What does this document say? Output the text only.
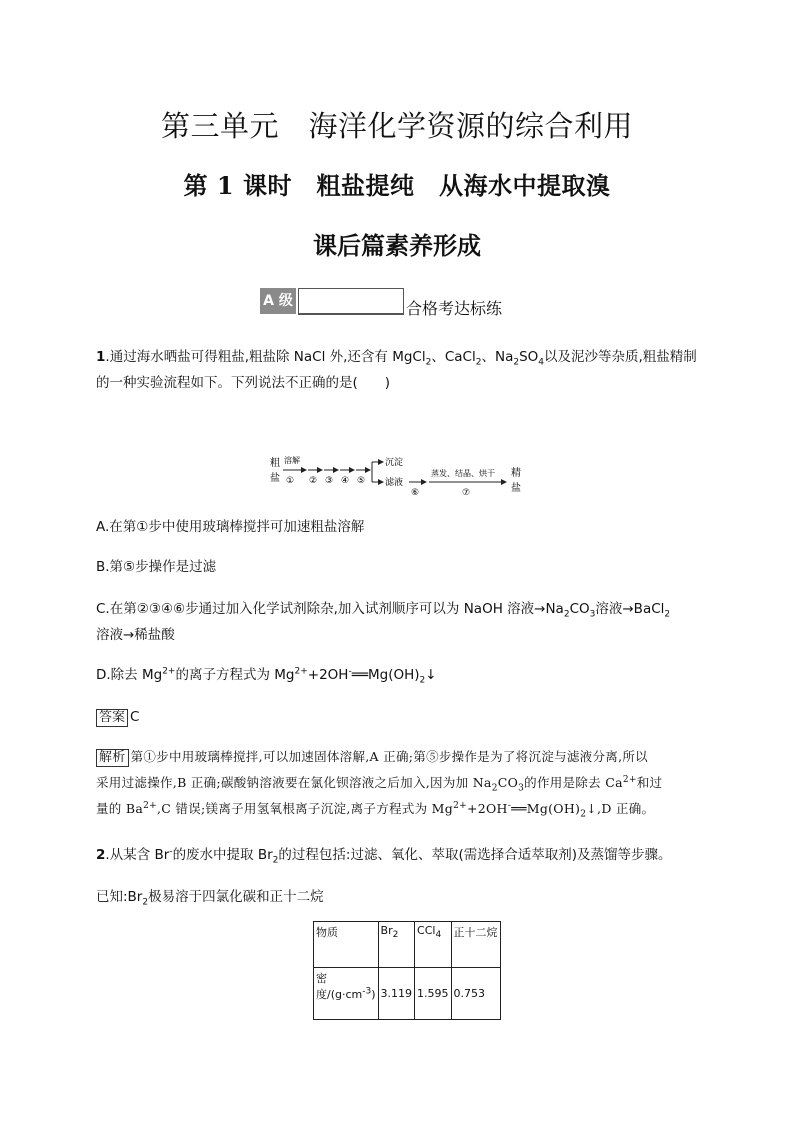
第三单元　海洋化学资源的综合利用
第 1 课时　粗盐提纯　从海水中提取溴
课后篇素养形成
A 级	合格考达标练
1.通过海水晒盐可得粗盐,粗盐除 NaCl 外,还含有 MgCl$_2$、CaCl$_2$、$Na_2SO_4$以及泥沙等杂质,粗盐精制
的一种实验流程如下。下列说法不正确的是(　　)
粗
盐
溶解
① ② ③ ④ ⑤
沉淀
滤液
⑥
蒸发、结晶、烘干
⑦
精
盐
A.在第①步中使用玻璃棒搅拌可加速粗盐溶解
B.第⑤步操作是过滤
C.在第②③④⑥步通过加入化学试剂除杂,加入试剂顺序可以为 NaOH 溶液$\to Na_2CO_3$溶液→BaCl$_2$
溶液→稀盐酸
D.除去 $Mg^{2+}$的离子方程式为 $Mg^{2+}+2OH^-══Mg(OH)_2↓$
答案 C
解析 第①步中用玻璃棒搅拌,可以加速固体溶解,A 正确;第⑤步操作是为了将沉淀与滤液分离,所以
采用过滤操作,B 正确;碳酸钠溶液要在氯化钡溶液之后加入,因为加 $Na_2CO_3$的作用是除去 $Ca^{2+}$和过
量的 $Ba^{2+},C$ 错误;镁离子用氢氧根离子沉淀,离子方程式为 $Mg^{2+}+2OH^-══Mg(OH)_2↓,D$ 正确。
2.从某含 Br-的废水中提取 $Br_2$的过程包括:过滤、氧化、萃取(需选择合适萃取剂)及蒸馏等步骤。
已知$:Br_2$极易溶于四氯化碳和正十二烷
物质	$Br_2$	CCl$_4$	正十二烷
密度$/(g\cdot cm^{-3})$	3.119	1.595	0.753
